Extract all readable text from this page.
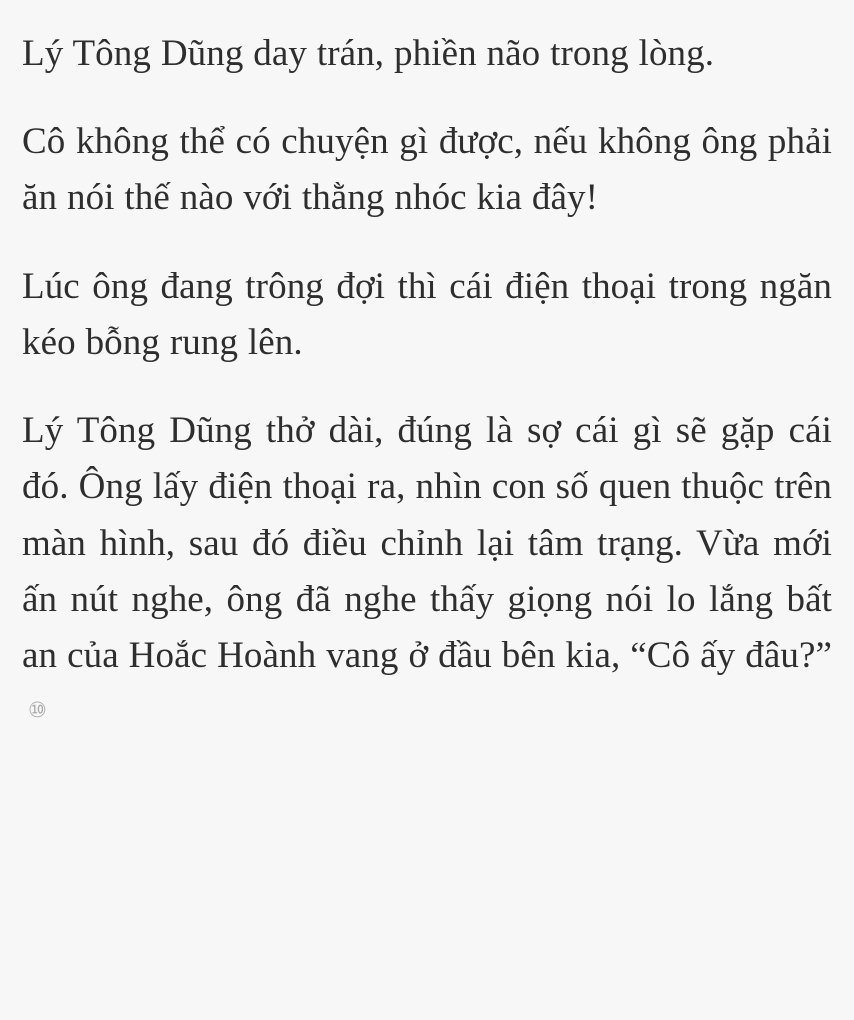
Lý Tông Dũng day trán, phiền não trong lòng.

Cô không thể có chuyện gì được, nếu không ông phải ăn nói thế nào với thằng nhóc kia đây!

Lúc ông đang trông đợi thì cái điện thoại trong ngăn kéo bỗng rung lên.

Lý Tông Dũng thở dài, đúng là sợ cái gì sẽ gặp cái đó. Ông lấy điện thoại ra, nhìn con số quen thuộc trên màn hình, sau đó điều chỉnh lại tâm trạng. Vừa mới ấn nút nghe, ông đã nghe thấy giọng nói lo lắng bất an của Hoắc Hoành vang ở đầu bên kia, “Cô ấy đâu?”⑩
